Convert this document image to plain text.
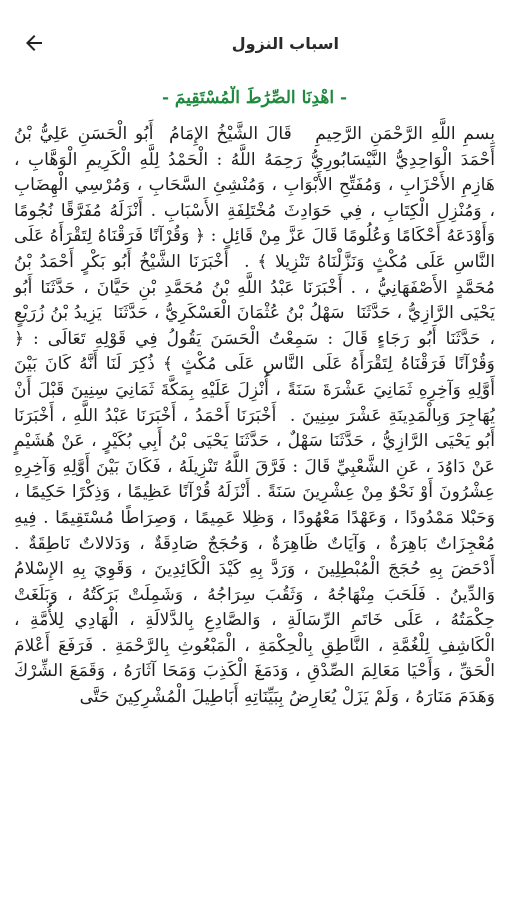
اسباب النزول
- اهْدِنَا الصِّرَٰطَ الْمُسْتَقِيمَ -

بِسمِ اللَّهِ الرَّحْمَنِ الرَّحِيمِ ‌ ‌ قَالَ الشَّيْخُ الإِمَامُ ‌ أَبُو الْحَسَنِ عَلِيُّ بْنُ أَحْمَدَ الْوَاحِدِيُّ النَّيْسَابُورِيُّ رَحِمَهُ اللَّهُ : الْحَمْدُ لِلَّهِ الْكَرِيمِ الْوَهَّابِ ، هَازِمِ الأَحْزَابِ ، وَمُفَتِّحِ الأَبْوَابِ ، وَمُنْشِئِ السَّحَابِ ، وَمُرْسِي الْهِضَابِ ، وَمُنْزِلِ الْكِتَابِ ، فِي حَوَادِثَ مُخْتَلِفَةِ الأَسْبَابِ . أَنْزَلَهُ مُفَرَّقًا نُجُومًا وَأَوْدَعَهُ أَحْكَامًا وَعُلُومًا قَالَ عَزَّ مِنْ قَائِلٍ : ﴿ وَقُرْآنًا فَرَقْنَاهُ لِتَقْرَأَهُ عَلَى النَّاسِ عَلَى مُكْثٍ وَنَزَّلْنَاهُ تَنْزِيلا ﴾ . ‌ أَخْبَرَنَا الشَّيْخُ أَبُو بَكْرٍ أَحْمَدُ بْنُ مُحَمَّدٍ الأَصْفَهَانِيُّ ، . أَخْبَرَنَا عَبْدُ اللَّهِ بْنُ مُحَمَّدِ بْنِ حَيَّانَ ، حَدَّثَنَا أَبُو يَحْيَى الرَّازِيُّ ، حَدَّثَنَا ‌ سَهْلُ بْنُ عُثْمَانَ الْعَسْكَرِيُّ ، حَدَّثَنَا ‌ يَزِيدُ بْنُ زُرَيْعٍ ، حَدَّثَنَا أَبُو رَجَاءٍ قَالَ : سَمِعْتُ الْحَسَنَ يَقُولُ فِي قَوْلِهِ تَعَالَى : ﴿ وَقُرْآنًا فَرَقْنَاهُ لِتَقْرَأَهُ عَلَى النَّاسِ عَلَى مُكْثٍ ﴾ ذُكِرَ لَنَا أَنَّهُ كَانَ بَيْنَ أَوَّلِهِ وَآخِرِهِ ثَمَانِيَ عَشْرَةَ سَنَةً ، أُنْزِلَ عَلَيْهِ بِمَكَّةَ ثَمَانِيَ سِنِينَ قَبْلَ أَنْ يُهَاجِرَ وَبِالْمَدِينَةِ عَشْرَ سِنِينَ . ‌ أَخْبَرَنَا أَحْمَدُ ، أَخْبَرَنَا عَبْدُ اللَّهِ ، أَخْبَرَنَا أَبُو يَحْيَى الرَّازِيُّ ، حَدَّثَنَا سَهْلٌ ، حَدَّثَنَا يَحْيَى بْنُ أَبِي بُكَيْرٍ ، عَنْ هُشَيْمٍ عَنْ دَاوُدَ ، عَنِ الشَّعْبِيِّ قَالَ : فَرَّقَ اللَّهُ تَنْزِيلَهُ ، فَكَانَ بَيْنَ أَوَّلِهِ وَآخِرِهِ عِشْرُونَ أَوْ نَحْوٌ مِنْ عِشْرِينَ سَنَةً . أَنْزَلَهُ قُرْآنًا عَظِيمًا ، وَذِكْرًا حَكِيمًا ، وَحَبْلا مَمْدُودًا ، وَعَهْدًا مَعْهُودًا ، وَظِلا عَمِيمًا ، وَصِرَاطًا مُسْتَقِيمًا . فِيهِ مُعْجِزَاتٌ بَاهِرَةٌ ، وَآيَاتٌ ظَاهِرَةٌ ، وَحُجَجٌ صَادِقَةٌ ، وَدَلالاتٌ نَاطِقَةٌ . أَدْحَضَ بِهِ حُجَجَ الْمُبْطِلِينَ ، وَرَدَّ بِهِ كَيْدَ الْكَائِدِينَ ، وَقَوِيَ بِهِ الإِسْلامُ وَالدِّينُ . فَلَحَبَ مِنْهَاجُهُ ، وَثَقُبَ سِرَاجُهُ ، وَشَمِلَتْ بَرَكَتُهُ ، وَبَلَغَتْ حِكْمَتُهُ ، عَلَى خَاتَمِ الرِّسَالَةِ ، وَالصَّادِعِ بِالدَّلالَةِ ، الْهَادِي لِلأُمَّةِ ، الْكَاشِفِ لِلْغُمَّةِ ، النَّاطِقِ بِالْحِكْمَةِ ، الْمَبْعُوثِ بِالرَّحْمَةِ . فَرَفَعَ أَعْلامَ الْحَقِّ ، وَأَحْيَا مَعَالِمَ الصِّدْقِ ، وَدَمَغَ الْكَذِبَ وَمَحَا آثَارَهُ ، وَقَمَعَ الشِّرْكَ وَهَدَمَ مَنَارَهُ ، وَلَمْ يَزَلْ يُعَارِضُ بِبَيِّنَاتِهِ أَبَاطِيلَ الْمُشْرِكِينَ حَتَّى
